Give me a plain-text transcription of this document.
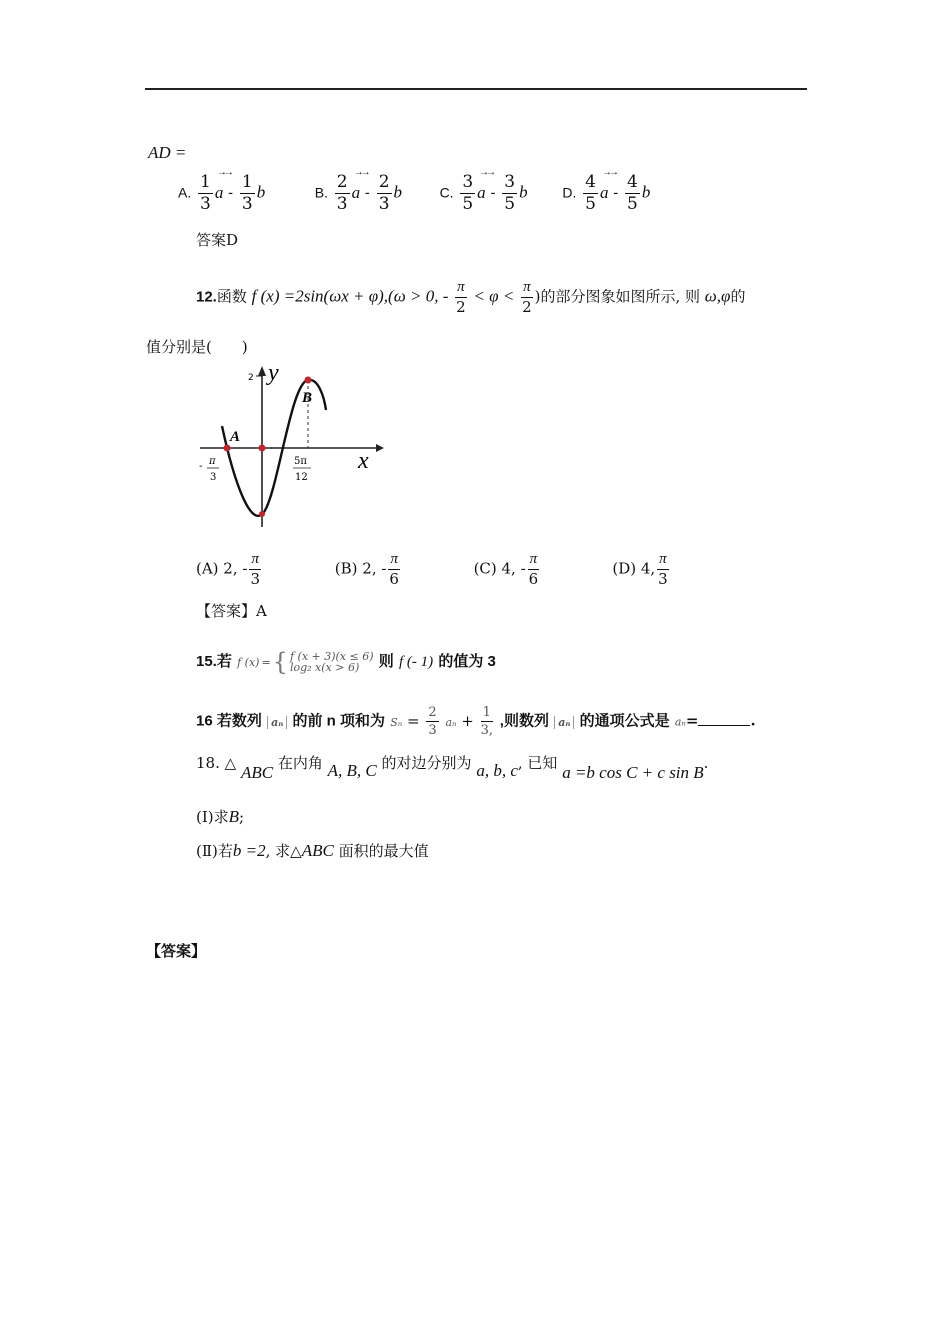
AD =
A. $\frac{1}{3}$
→→ a - $\frac{1}{3}$ b	B. $\frac{2}{3}$
→→ a - $\frac{2}{3}$ b	C. $\frac{3}{5}$
→→ a - $\frac{3}{5}$ b D. $\frac{4}{5}$
→→ a - $\frac{4}{5}$ b
答案D
12.函数 f (x) =2sin(ωx + φ),(ω > 0, - $\frac{\pi}{2} < \varphi < \frac{\pi}{2}$ )的部分图象如图所示, 则 ω,φ的
值分别是(　　)
2 y
x
A
B
- π
3
5π
12
(A) 2, - $\frac{\pi}{3}$	(B) 2, - $\frac{\pi}{6}$	(C) 4, - $\frac{\pi}{6}$	(D) 4, $\frac{\pi}{3}$
【答案】A
15.若 f (x) = { f (x + 3)(x ≤ 6)
log₂ x(x > 6)	则 f (- 1) 的值为 3
16 若数列 aₙ 的前 n 项和为 $S_n = \frac{2}{3}$ $a_n + \frac{1}{3,}$ ,则数列 aₙ 的通项公式是 aₙ=	.
18. △ ABC 在内角 A, B, C 的对边分别为 a, b, c, 已知 a =b cos C + c sin B.
(Ⅰ)求B;
(Ⅱ)若b =2, 求△ABC 面积的最大值
【答案】
